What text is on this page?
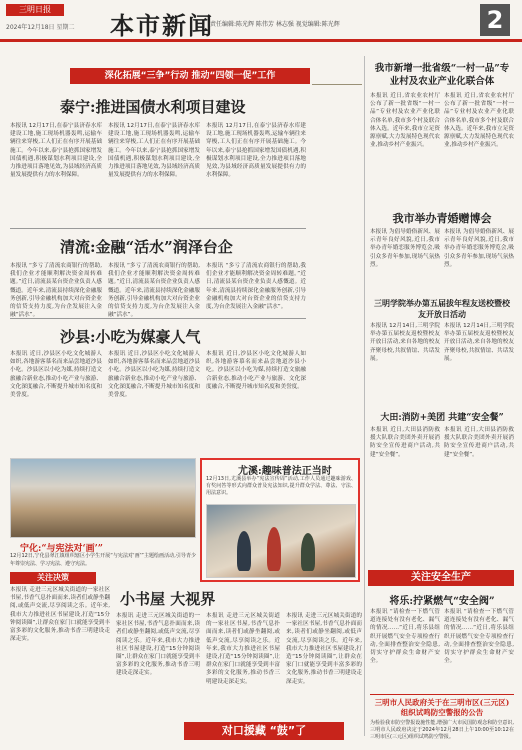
三明日报
2024年12月18日 星期二 本市新闻
责任编辑:陈光辉 陈伟芳 林志强 视觉编辑:陈光辉	2
深化拓展“三争”行动 推动“四领一促”工作
泰宁:推进国债水利项目建设
本报讯 12月17日,在泰宁县济春水库建设工地,施工现场机器轰鸣,运输车辆往来穿梭,工人们正在有序开展基础施工。今年以来,泰宁县抢抓国家增发国债机遇,积极谋划水利项目建设,全力推进项目落地见效,为县域经济高质量发展提供有力的水利保障。
本报讯 12月17日,在泰宁县济春水库建设工地,施工现场机器轰鸣,运输车辆往来穿梭,工人们正在有序开展基础施工。今年以来,泰宁县抢抓国家增发国债机遇,积极谋划水利项目建设,全力推进项目落地见效,为县域经济高质量发展提供有力的水利保障。
本报讯 12月17日,在泰宁县济春水库建设工地,施工现场机器轰鸣,运输车辆往来穿梭,工人们正在有序开展基础施工。今年以来,泰宁县抢抓国家增发国债机遇,积极谋划水利项目建设,全力推进项目落地见效,为县域经济高质量发展提供有力的水利保障。
清流:金融“活水”润泽台企
本报讯 “多亏了清流农商银行的帮助,我们企业才能顺利解决资金周转难题。”近日,清流县某台资企业负责人感慨道。近年来,清流县持续深化金融服务创新,引导金融机构加大对台资企业的信贷支持力度,为台企发展注入金融“活水”。
本报讯 “多亏了清流农商银行的帮助,我们企业才能顺利解决资金周转难题。”近日,清流县某台资企业负责人感慨道。近年来,清流县持续深化金融服务创新,引导金融机构加大对台资企业的信贷支持力度,为台企发展注入金融“活水”。
本报讯 “多亏了清流农商银行的帮助,我们企业才能顺利解决资金周转难题。”近日,清流县某台资企业负责人感慨道。近年来,清流县持续深化金融服务创新,引导金融机构加大对台资企业的信贷支持力度,为台企发展注入金融“活水”。
沙县:小吃为媒豪人气
本报讯 近日,沙县区小吃文化城游人如织,各地游客慕名而来品尝地道沙县小吃。沙县区以小吃为媒,持续打造文旅融合新业态,推动小吃产业与旅游、文化深度融合,不断提升城市知名度和美誉度。
本报讯 近日,沙县区小吃文化城游人如织,各地游客慕名而来品尝地道沙县小吃。沙县区以小吃为媒,持续打造文旅融合新业态,推动小吃产业与旅游、文化深度融合,不断提升城市知名度和美誉度。
本报讯 近日,沙县区小吃文化城游人如织,各地游客慕名而来品尝地道沙县小吃。沙县区以小吃为媒,持续打造文旅融合新业态,推动小吃产业与旅游、文化深度融合,不断提升城市知名度和美誉度。
宁化:“与宪法对‘画’”
12月12日,宁化县翠江镇组织辖区小学生开展“与宪法对‘画’”主题绘画活动,引导青少年尊崇宪法、学习宪法、遵守宪法。
关注决策
尤溪:趣味普法正当时
12月13日,尤溪县举办“宪法宣传周”活动,工作人员通过趣味游戏、有奖问答等形式向群众普及宪法知识,提升群众学法、尊法、守法、用法意识。
小书屋 大视界
本报讯 走进三元区城关街道的一家社区书屋,书香气息扑面而来,读者们或静坐翻阅,或低声交流,尽享阅读之乐。近年来,我市大力推进社区书屋建设,打造“15分钟阅读圈”,让群众在家门口就能享受到丰富多彩的文化服务,推动书香三明建设走深走实。
本报讯 走进三元区城关街道的一家社区书屋,书香气息扑面而来,读者们或静坐翻阅,或低声交流,尽享阅读之乐。近年来,我市大力推进社区书屋建设,打造“15分钟阅读圈”,让群众在家门口就能享受到丰富多彩的文化服务,推动书香三明建设走深走实。
本报讯 走进三元区城关街道的一家社区书屋,书香气息扑面而来,读者们或静坐翻阅,或低声交流,尽享阅读之乐。近年来,我市大力推进社区书屋建设,打造“15分钟阅读圈”,让群众在家门口就能享受到丰富多彩的文化服务,推动书香三明建设走深走实。
本报讯 走进三元区城关街道的一家社区书屋,书香气息扑面而来,读者们或静坐翻阅,或低声交流,尽享阅读之乐。近年来,我市大力推进社区书屋建设,打造“15分钟阅读圈”,让群众在家门口就能享受到丰富多彩的文化服务,推动书香三明建设走深走实。
对口援藏 “鼓”了
我市新增一批省级“一村一品”专业村及农业产业化联合体
本报讯 近日,省农业农村厅公布了新一批省级“一村一品”专业村及农业产业化联合体名单,我市多个村及联合体入选。近年来,我市立足资源禀赋,大力发展特色现代农业,推动乡村产业振兴。
本报讯 近日,省农业农村厅公布了新一批省级“一村一品”专业村及农业产业化联合体名单,我市多个村及联合体入选。近年来,我市立足资源禀赋,大力发展特色现代农业,推动乡村产业振兴。
我市举办青婚赠博会
本报讯 为倡导婚俗新风、展示青年良好风貌,近日,我市举办青年婚恋服务博览会,吸引众多青年参加,现场气氛热烈。
本报讯 为倡导婚俗新风、展示青年良好风貌,近日,我市举办青年婚恋服务博览会,吸引众多青年参加,现场气氛热烈。
三明学院举办第五届拔年程友送校暨校友开放日活动
本报讯 12月14日,三明学院举办第五届校友返校暨校友开放日活动,来自各地的校友齐聚母校,共叙情谊、共话发展。
本报讯 12月14日,三明学院举办第五届校友返校暨校友开放日活动,来自各地的校友齐聚母校,共叙情谊、共话发展。
大田:消防+美团 共建“安全餐”
本报讯 近日,大田县消防救援大队联合美团外卖开展消防安全宣传进商户活动,共建“安全餐”。
本报讯 近日,大田县消防救援大队联合美团外卖开展消防安全宣传进商户活动,共建“安全餐”。
关注安全生产
将乐:拧紧燃气“安全阀”
本报讯 “请检查一下燃气管道连接处有没有老化、漏气的情况……”近日,将乐县组织开展燃气安全专项检查行动,全面排查整治安全隐患,切实守护群众生命财产安全。
本报讯 “请检查一下燃气管道连接处有没有老化、漏气的情况……”近日,将乐县组织开展燃气安全专项检查行动,全面排查整治安全隐患,切实守护群众生命财产安全。
三明市人民政府关于在三明市区(三元区)组织试鸣防空警报的公告
为检验我市防空警报设施性能,增强广大市民国防观念和防空意识,三明市人民政府决定于2024年12月28日上午10:00至10:12在三明市区(三元区)组织试鸣防空警报。
